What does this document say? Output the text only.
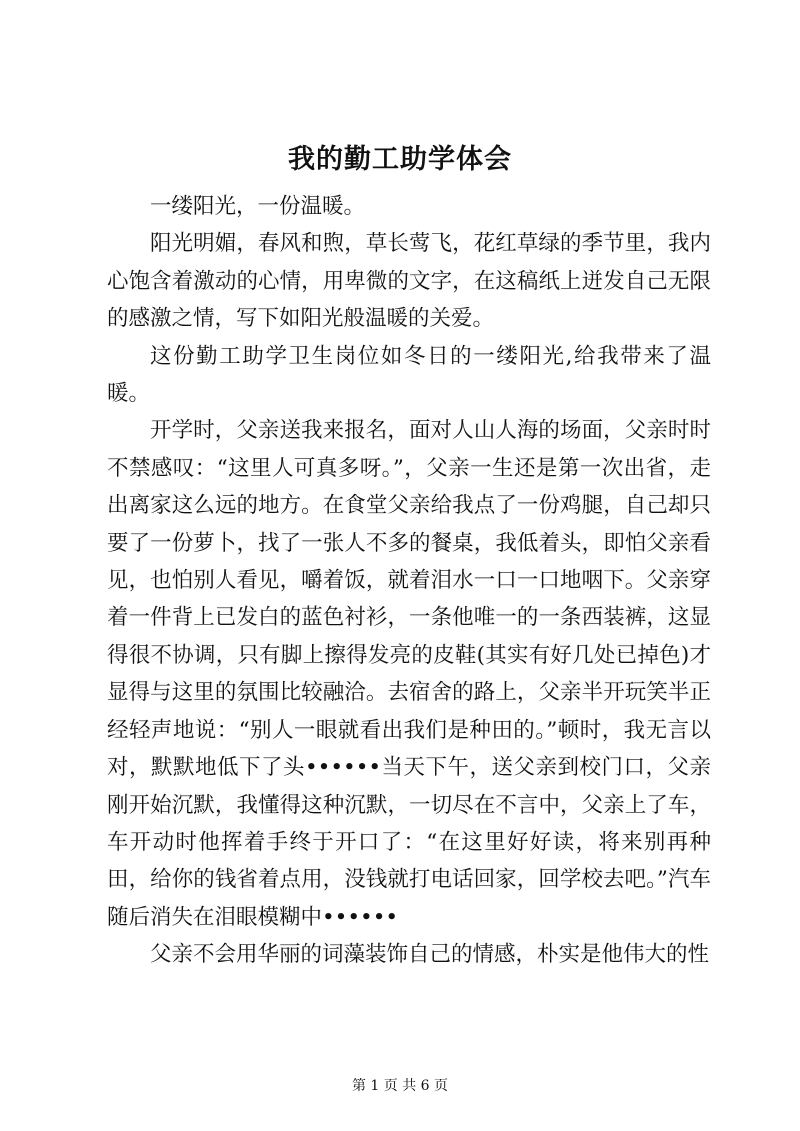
我的勤工助学体会

一缕阳光，一份温暖。

阳光明媚，春风和煦，草长莺飞，花红草绿的季节里，我内心饱含着激动的心情，用卑微的文字，在这稿纸上迸发自己无限的感激之情，写下如阳光般温暖的关爱。

这份勤工助学卫生岗位如冬日的一缕阳光,给我带来了温暖。

开学时，父亲送我来报名，面对人山人海的场面，父亲时时不禁感叹：“这里人可真多呀。”，父亲一生还是第一次出省，走出离家这么远的地方。在食堂父亲给我点了一份鸡腿，自己却只要了一份萝卜，找了一张人不多的餐桌，我低着头，即怕父亲看见，也怕别人看见，嚼着饭，就着泪水一口一口地咽下。父亲穿着一件背上已发白的蓝色衬衫，一条他唯一的一条西装裤，这显得很不协调，只有脚上擦得发亮的皮鞋(其实有好几处已掉色)才显得与这里的氛围比较融洽。去宿舍的路上，父亲半开玩笑半正经轻声地说：“别人一眼就看出我们是种田的。”顿时，我无言以对，默默地低下了头••••••当天下午，送父亲到校门口，父亲刚开始沉默，我懂得这种沉默，一切尽在不言中，父亲上了车，车开动时他挥着手终于开口了：“在这里好好读，将来别再种田，给你的钱省着点用，没钱就打电话回家，回学校去吧。”汽车随后消失在泪眼模糊中••••••

父亲不会用华丽的词藻装饰自己的情感，朴实是他伟大的性

第 1 页 共 6 页
